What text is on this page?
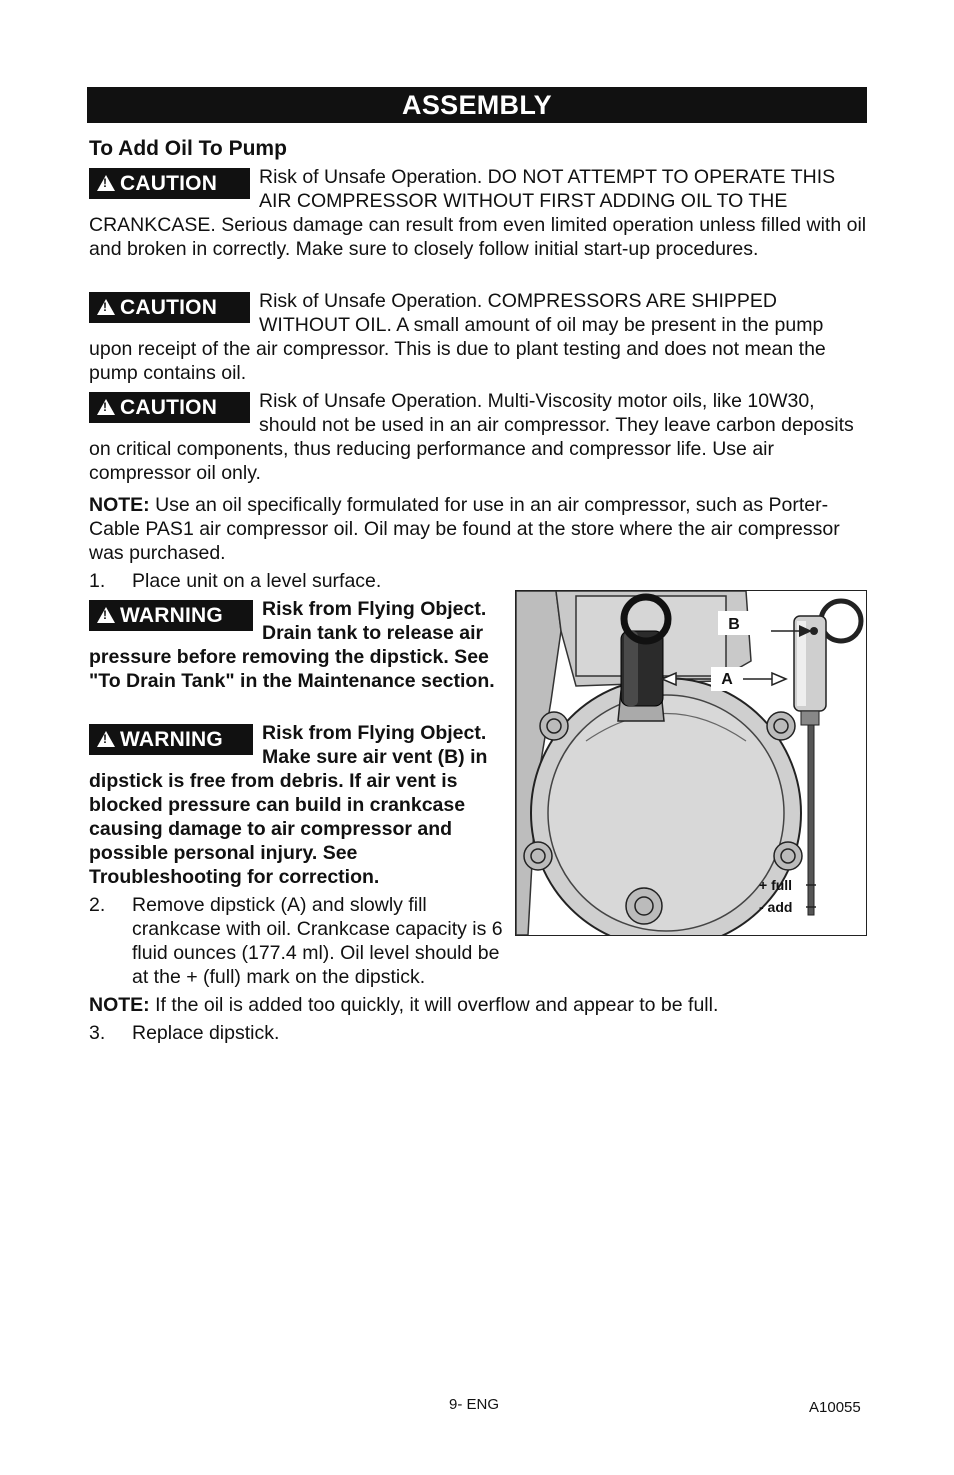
ASSEMBLY
To Add Oil To Pump
!
CAUTION Risk of Unsafe Operation. DO NOT ATTEMPT TO OPERATE THIS AIR COMPRESSOR WITHOUT FIRST ADDING OIL TO THE CRANKCASE. Serious damage can result from even limited operation unless filled with oil and broken in correctly. Make sure to closely follow initial start-up procedures.
!
CAUTION Risk of Unsafe Operation. COMPRESSORS ARE SHIPPED WITHOUT OIL. A small amount of oil may be present in the pump upon receipt of the air compressor. This is due to plant testing and does not mean the pump contains oil.
!
CAUTION Risk of Unsafe Operation. Multi-Viscosity motor oils, like 10W30, should not be used in an air compressor. They leave carbon deposits on critical components, thus reducing performance and compressor life. Use air compressor oil only.
NOTE: Use an oil specifically formulated for use in an air compressor, such as Porter-Cable PAS1 air compressor oil. Oil may be found at the store where the air compressor was purchased.
1. Place unit on a level surface.
!
WARNING Risk from Flying Object. Drain tank to release air pressure before removing the dipstick. See "To Drain Tank" in the Maintenance section.
!
WARNING Risk from Flying Object. Make sure air vent (B) in dipstick is free from debris. If air vent is blocked pressure can build in crankcase causing damage to air compressor and possible personal injury. See Troubleshooting for correction.
2. Remove dipstick (A) and slowly fill crankcase with oil. Crankcase capacity is 6 fluid ounces (177.4 ml). Oil level should be at the + (full) mark on the dipstick.
NOTE: If the oil is added too quickly, it will overflow and appear to be full.
3. Replace dipstick.
B
A
+ full
- add
9- ENG	A10055
